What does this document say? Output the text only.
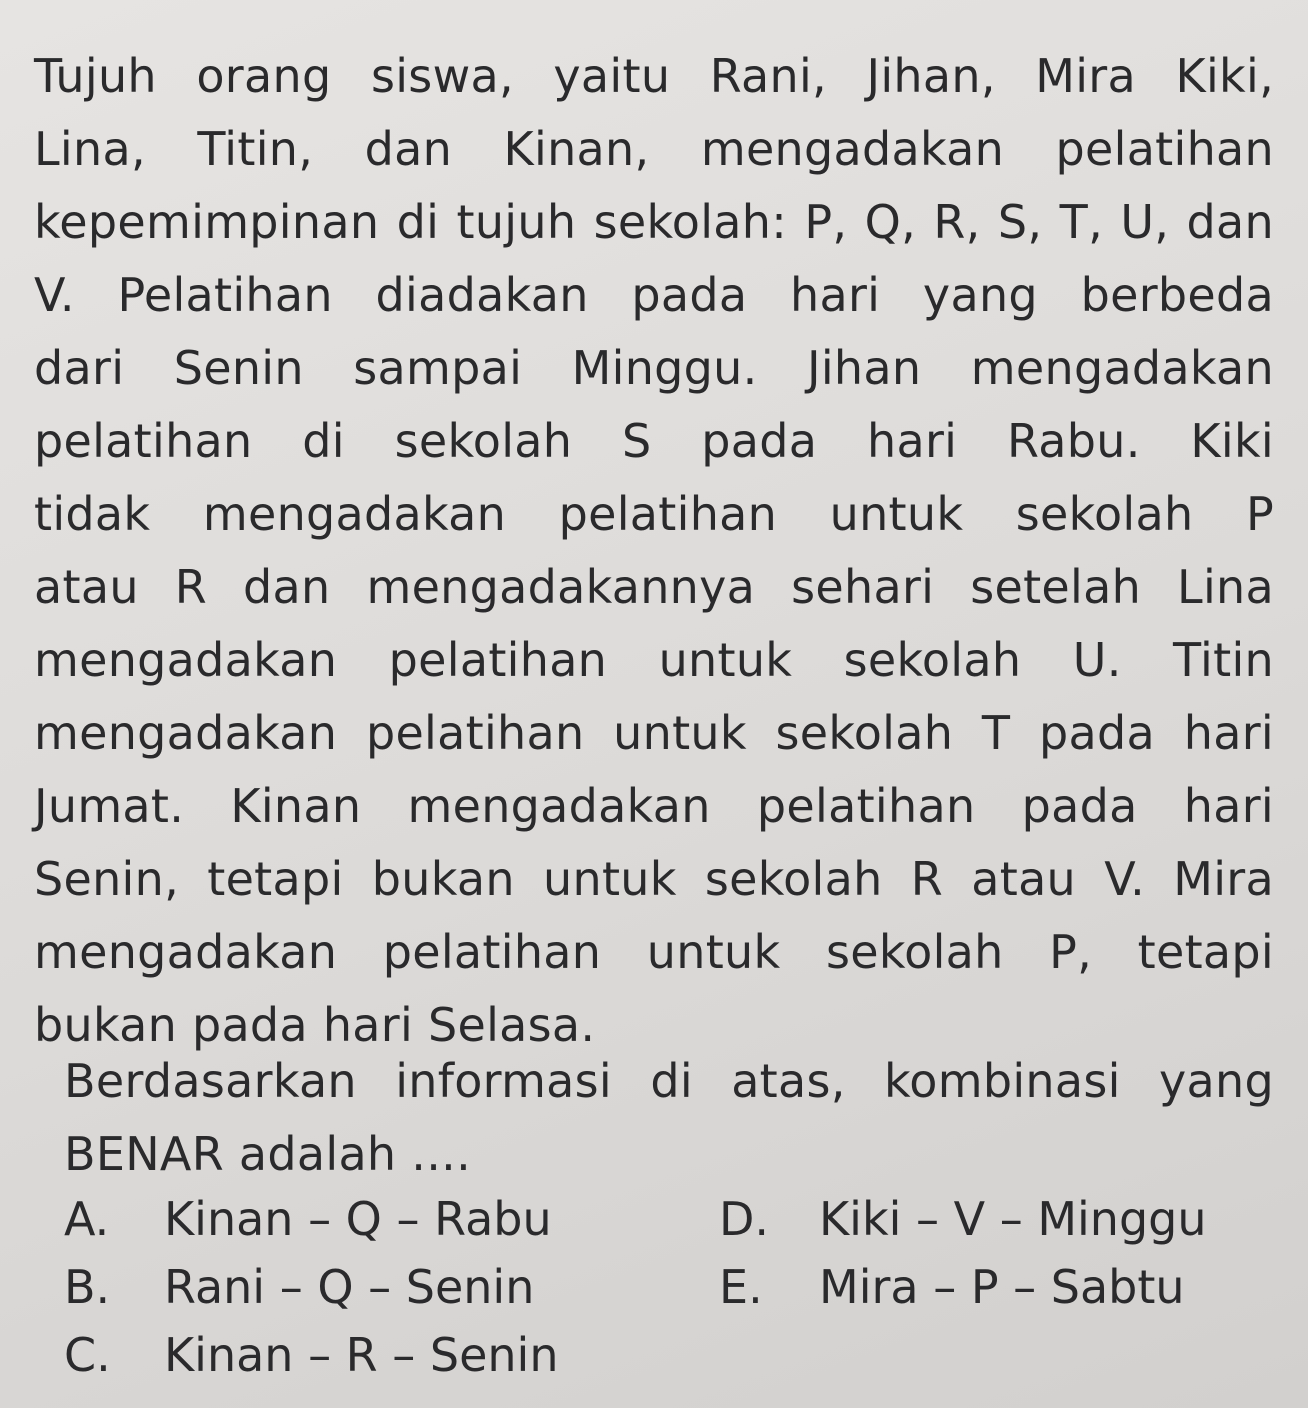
Tujuh orang siswa, yaitu Rani, Jihan, Mira Kiki,
Lina, Titin, dan Kinan, mengadakan pelatihan
kepemimpinan di tujuh sekolah: P, Q, R, S, T, U, dan
V. Pelatihan diadakan pada hari yang berbeda
dari Senin sampai Minggu. Jihan mengadakan
pelatihan di sekolah S pada hari Rabu. Kiki
tidak mengadakan pelatihan untuk sekolah P
atau R dan mengadakannya sehari setelah Lina
mengadakan pelatihan untuk sekolah U. Titin
mengadakan pelatihan untuk sekolah T pada hari
Jumat. Kinan mengadakan pelatihan pada hari
Senin, tetapi bukan untuk sekolah R atau V. Mira
mengadakan pelatihan untuk sekolah P, tetapi
bukan pada hari Selasa.
Berdasarkan informasi di atas, kombinasi yang
BENAR adalah ....
A. Kinan – Q – Rabu
B. Rani – Q – Senin
C. Kinan – R – Senin
D. Kiki – V – Minggu
E. Mira – P – Sabtu
